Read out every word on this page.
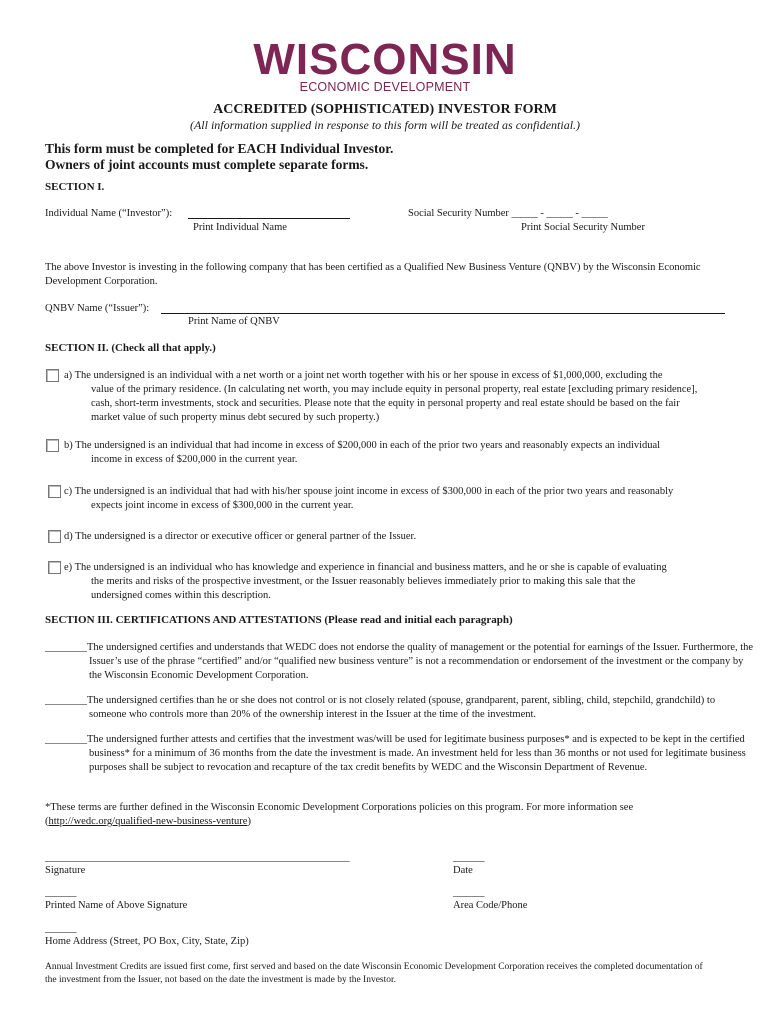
WISCONSIN
ECONOMIC DEVELOPMENT
ACCREDITED (SOPHISTICATED) INVESTOR FORM
(All information supplied in response to this form will be treated as confidential.)
This form must be completed for EACH Individual Investor.
Owners of joint accounts must complete separate forms.
SECTION I.
Individual Name (“Investor”):
Print Individual Name
Social Security Number _____ - _____ - _____
Print Social Security Number
The above Investor is investing in the following company that has been certified as a Qualified New Business Venture (QNBV) by the Wisconsin Economic Development Corporation.
QNBV Name (“Issuer”):
Print Name of QNBV
SECTION II. (Check all that apply.)
a) The undersigned is an individual with a net worth or a joint net worth together with his or her spouse in excess of $1,000,000, excluding the
value of the primary residence. (In calculating net worth, you may include equity in personal property, real estate [excluding primary residence], cash, short-term investments, stock and securities. Please note that the equity in personal property and real estate should be based on the fair market value of such property minus debt secured by such property.)
b) The undersigned is an individual that had income in excess of $200,000 in each of the prior two years and reasonably expects an individual
income in excess of $200,000 in the current year.
c) The undersigned is an individual that had with his/her spouse joint income in excess of $300,000 in each of the prior two years and reasonably
expects joint income in excess of $300,000 in the current year.
d) The undersigned is a director or executive officer or general partner of the Issuer.
e) The undersigned is an individual who has knowledge and experience in financial and business matters, and he or she is capable of evaluating
the merits and risks of the prospective investment, or the Issuer reasonably believes immediately prior to making this sale that the undersigned comes within this description.
SECTION III. CERTIFICATIONS AND ATTESTATIONS (Please read and initial each paragraph)
________The undersigned certifies and understands that WEDC does not endorse the quality of management or the potential for earnings of the Issuer. Furthermore, the Issuer’s use of the phrase “certified” and/or “qualified new business venture” is not a recommendation or endorsement of the investment or the company by the Wisconsin Economic Development Corporation.
________The undersigned certifies than he or she does not control or is not closely related (spouse, grandparent, parent, sibling, child, stepchild, grandchild) to someone who controls more than 20% of the ownership interest in the Issuer at the time of the investment.
________The undersigned further attests and certifies that the investment was/will be used for legitimate business purposes* and is expected to be kept in the certified business* for a minimum of 36 months from the date the investment is made. An investment held for less than 36 months or not used for legitimate business purposes shall be subject to revocation and recapture of the tax credit benefits by WEDC and the Wisconsin Department of Revenue.
*These terms are further defined in the Wisconsin Economic Development Corporations policies on this program. For more information see
(http://wedc.org/qualified-new-business-venture)
__________________________________________________________
Signature
______
Date
______
Printed Name of Above Signature
______
Area Code/Phone
______
Home Address (Street, PO Box, City, State, Zip)
Annual Investment Credits are issued first come, first served and based on the date Wisconsin Economic Development Corporation receives the completed documentation of the investment from the Issuer, not based on the date the investment is made by the Investor.
